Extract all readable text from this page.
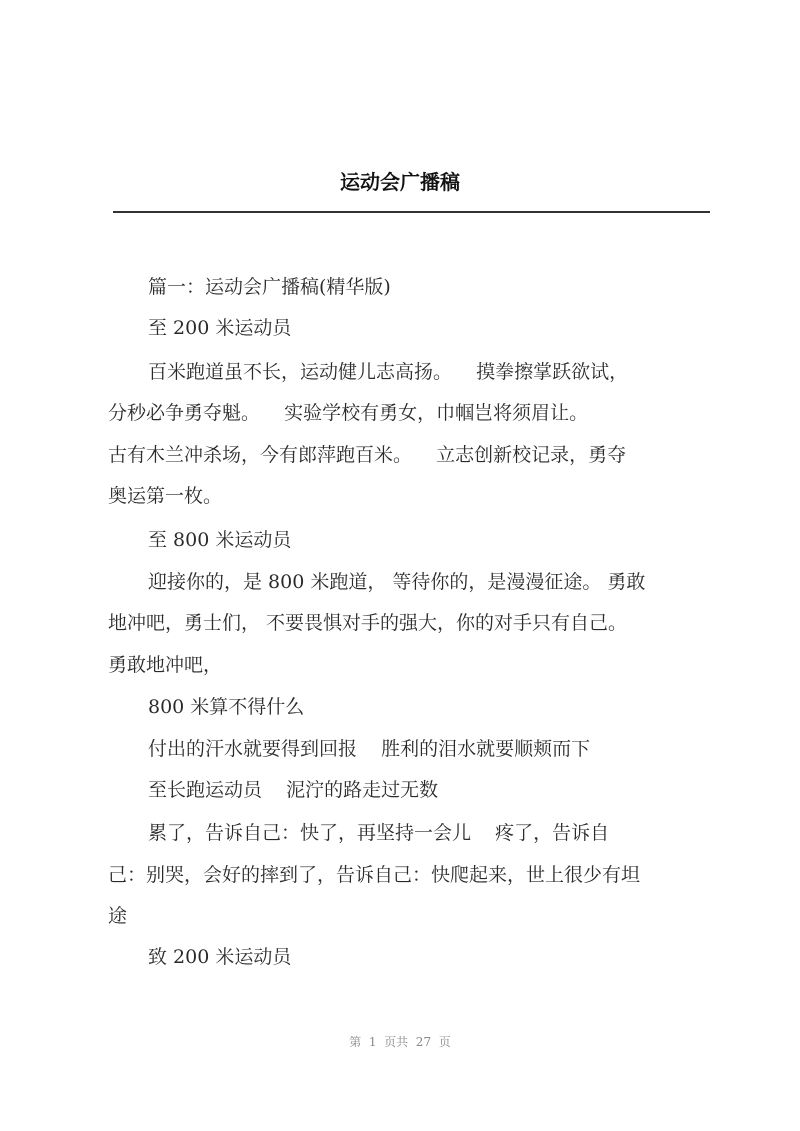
运动会广播稿
篇一：运动会广播稿(精华版)
至 200 米运动员
百米跑道虽不长，运动健儿志高扬。    摸拳擦掌跃欲试，
分秒必争勇夺魁。    实验学校有勇女，巾帼岂将须眉让。
古有木兰冲杀场，今有郎萍跑百米。    立志创新校记录，勇夺
奥运第一枚。
至 800 米运动员
迎接你的，是 800 米跑道， 等待你的，是漫漫征途。 勇敢
地冲吧，勇士们， 不要畏惧对手的强大，你的对手只有自己。
勇敢地冲吧，
800 米算不得什么
付出的汗水就要得到回报    胜利的泪水就要顺颊而下
至长跑运动员    泥泞的路走过无数
累了，告诉自己：快了，再坚持一会儿    疼了，告诉自
己：别哭，会好的摔到了，告诉自己：快爬起来，世上很少有坦
途
致 200 米运动员
第  1  页共  27  页
